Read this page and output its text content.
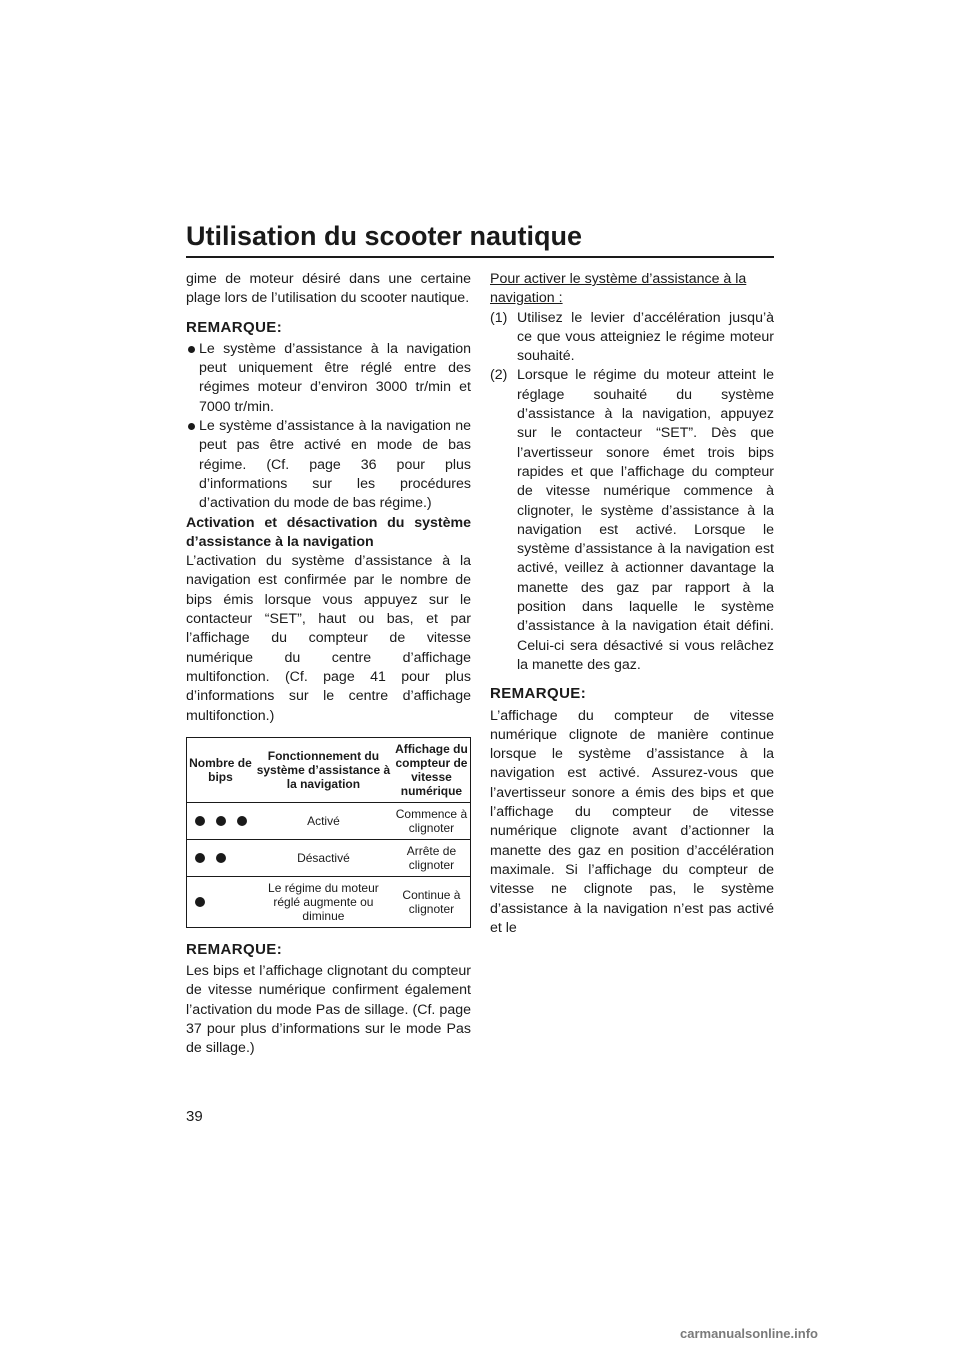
Utilisation du scooter nautique

gime de moteur désiré dans une certaine plage lors de l’utilisation du scooter nautique.

REMARQUE:
Le système d’assistance à la navigation peut uniquement être réglé entre des régimes moteur d’environ 3000 tr/min et 7000 tr/min.
Le système d’assistance à la navigation ne peut pas être activé en mode de bas régime. (Cf. page 36 pour plus d’informations sur les procédures d’activation du mode de bas régime.)

Activation et désactivation du système d’assistance à la navigation

L’activation du système d’assistance à la navigation est confirmée par le nombre de bips émis lorsque vous appuyez sur le contacteur “SET”, haut ou bas, et par l’affichage du compteur de vitesse numérique du centre d’affichage multifonction. (Cf. page 41 pour plus d’informations sur le centre d’affichage multifonction.)

Nombre de bips	Fonctionnement du système d’assistance à la navigation	Affichage du compteur de vitesse numérique

	Activé	Commence à clignoter

	Désactivé	Arrête de clignoter

	Le régime du moteur réglé augmente ou diminue	Continue à clignoter
REMARQUE:

Les bips et l’affichage clignotant du compteur de vitesse numérique confirment également l’activation du mode Pas de sillage. (Cf. page 37 pour plus d’informations sur le mode Pas de sillage.)

Pour activer le système d’assistance à la navigation :

(1) Utilisez le levier d’accélération jusqu’à ce que vous atteigniez le régime moteur souhaité.
(2) Lorsque le régime du moteur atteint le réglage souhaité du système d’assistance à la navigation, appuyez sur le contacteur “SET”. Dès que l’avertisseur sonore émet trois bips rapides et que l’affichage du compteur de vitesse numérique commence à clignoter, le système d’assistance à la navigation est activé. Lorsque le système d’assistance à la navigation est activé, veillez à actionner davantage la manette des gaz par rapport à la position dans laquelle le système d’assistance à la navigation était défini. Celui-ci sera désactivé si vous relâchez la manette des gaz.
REMARQUE:

L’affichage du compteur de vitesse numérique clignote de manière continue lorsque le système d’assistance à la navigation est activé. Assurez-vous que l’avertisseur sonore a émis des bips et que l’affichage du compteur de vitesse numérique clignote avant d’actionner la manette des gaz en position d’accélération maximale. Si l’affichage du compteur de vitesse ne clignote pas, le système d’assistance à la navigation n’est pas activé et le

39
carmanualsonline.info
